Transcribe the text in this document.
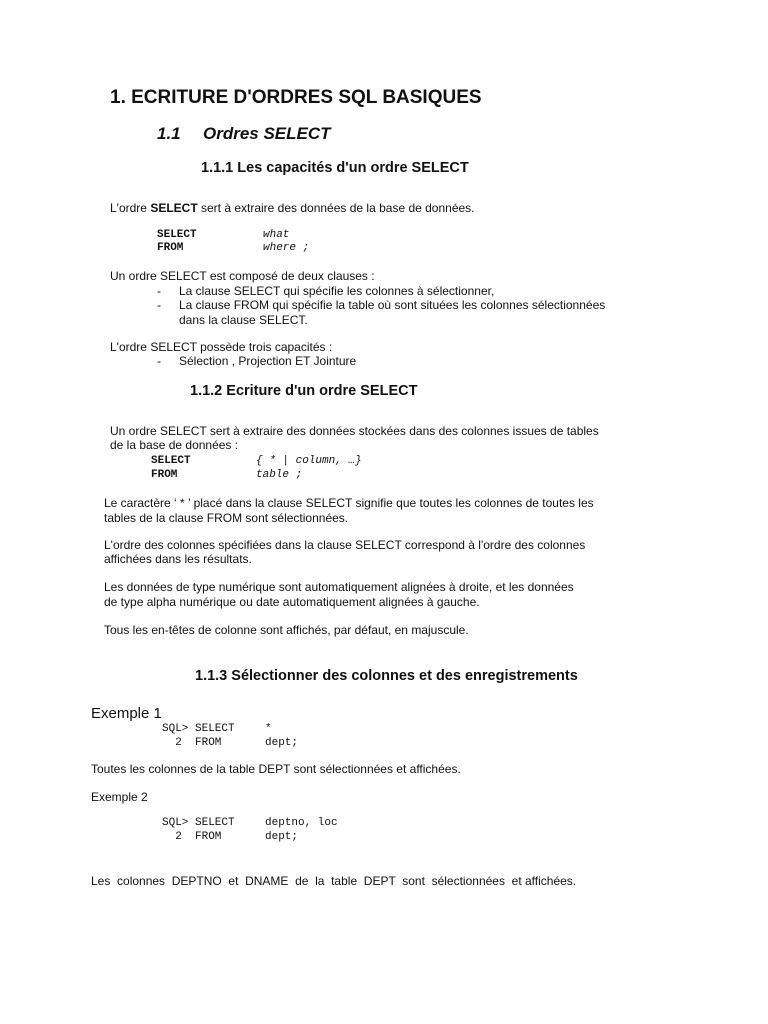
1. ECRITURE D'ORDRES SQL BASIQUES
1.1 Ordres SELECT
1.1.1 Les capacités d'un ordre SELECT
L'ordre SELECT sert à extraire des données de la base de données.
SELECT	what
FROM	where ;
Un ordre SELECT est composé de deux clauses :
- La clause SELECT qui spécifie les colonnes à sélectionner,
- La clause FROM qui spécifie la table où sont situées les colonnes sélectionnées
dans la clause SELECT.
L'ordre SELECT possède trois capacités :
- Sélection , Projection ET Jointure
1.1.2 Ecriture d'un ordre SELECT
Un ordre SELECT sert à extraire des données stockées dans des colonnes issues de tables
de la base de données :
SELECT	{ * | column, …}
FROM	table ;
Le caractère ‘ * ’ placé dans la clause SELECT signifie que toutes les colonnes de toutes les
tables de la clause FROM sont sélectionnées.
L'ordre des colonnes spécifiées dans la clause SELECT correspond à l'ordre des colonnes
affichées dans les résultats.
Les données de type numérique sont automatiquement alignées à droite, et les données
de type alpha numérique ou date automatiquement alignées à gauche.
Tous les en-têtes de colonne sont affichés, par défaut, en majuscule.
1.1.3 Sélectionner des colonnes et des enregistrements
Exemple 1
SQL> SELECT	*
2  FROM	dept;
Toutes les colonnes de la table DEPT sont sélectionnées et affichées.
Exemple 2
SQL> SELECT	deptno, loc
2  FROM	dept;
Les  colonnes  DEPTNO  et  DNAME  de  la  table  DEPT  sont  sélectionnées  et affichées.
